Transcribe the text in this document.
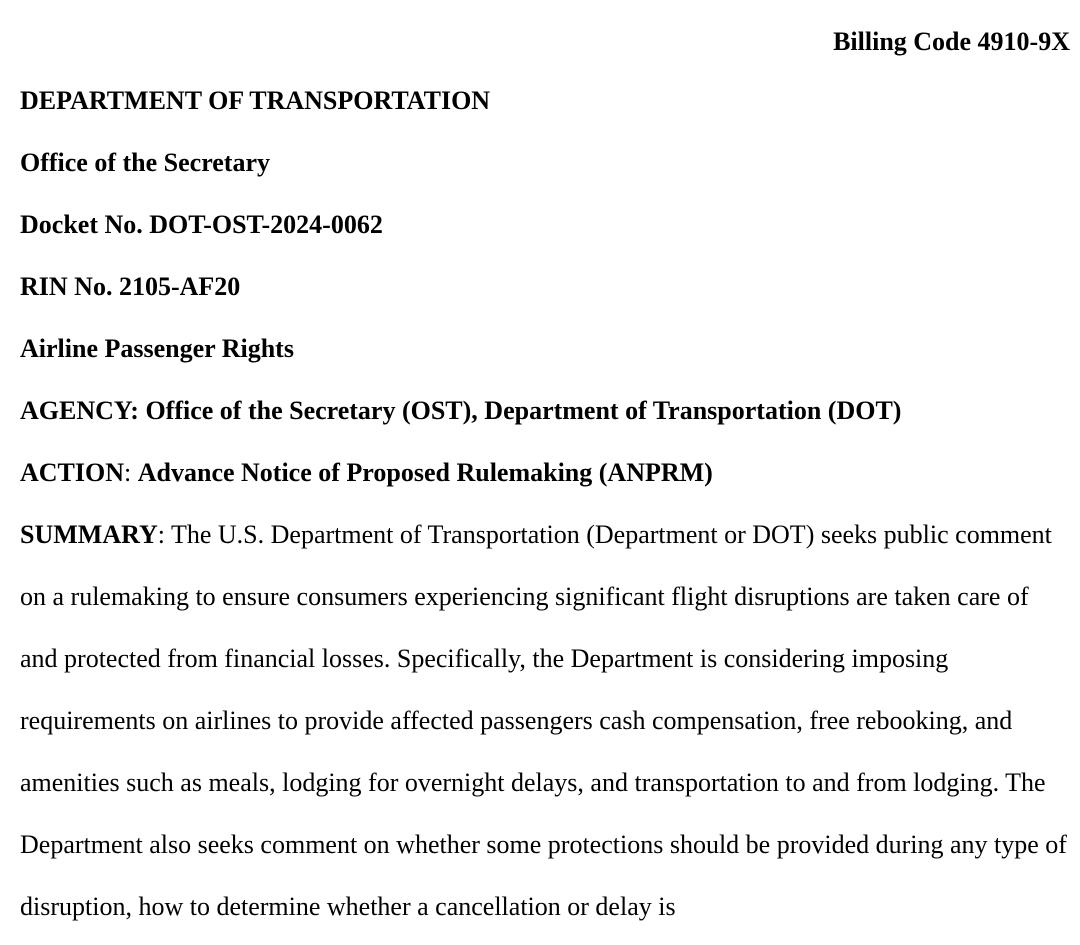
Billing Code 4910-9X
DEPARTMENT OF TRANSPORTATION
Office of the Secretary
Docket No. DOT-OST-2024-0062
RIN No. 2105-AF20
Airline Passenger Rights
AGENCY: Office of the Secretary (OST), Department of Transportation (DOT)
ACTION: Advance Notice of Proposed Rulemaking (ANPRM)
SUMMARY: The U.S. Department of Transportation (Department or DOT) seeks public comment on a rulemaking to ensure consumers experiencing significant flight disruptions are taken care of and protected from financial losses. Specifically, the Department is considering imposing requirements on airlines to provide affected passengers cash compensation, free rebooking, and amenities such as meals, lodging for overnight delays, and transportation to and from lodging. The Department also seeks comment on whether some protections should be provided during any type of disruption, how to determine whether a cancellation or delay is
